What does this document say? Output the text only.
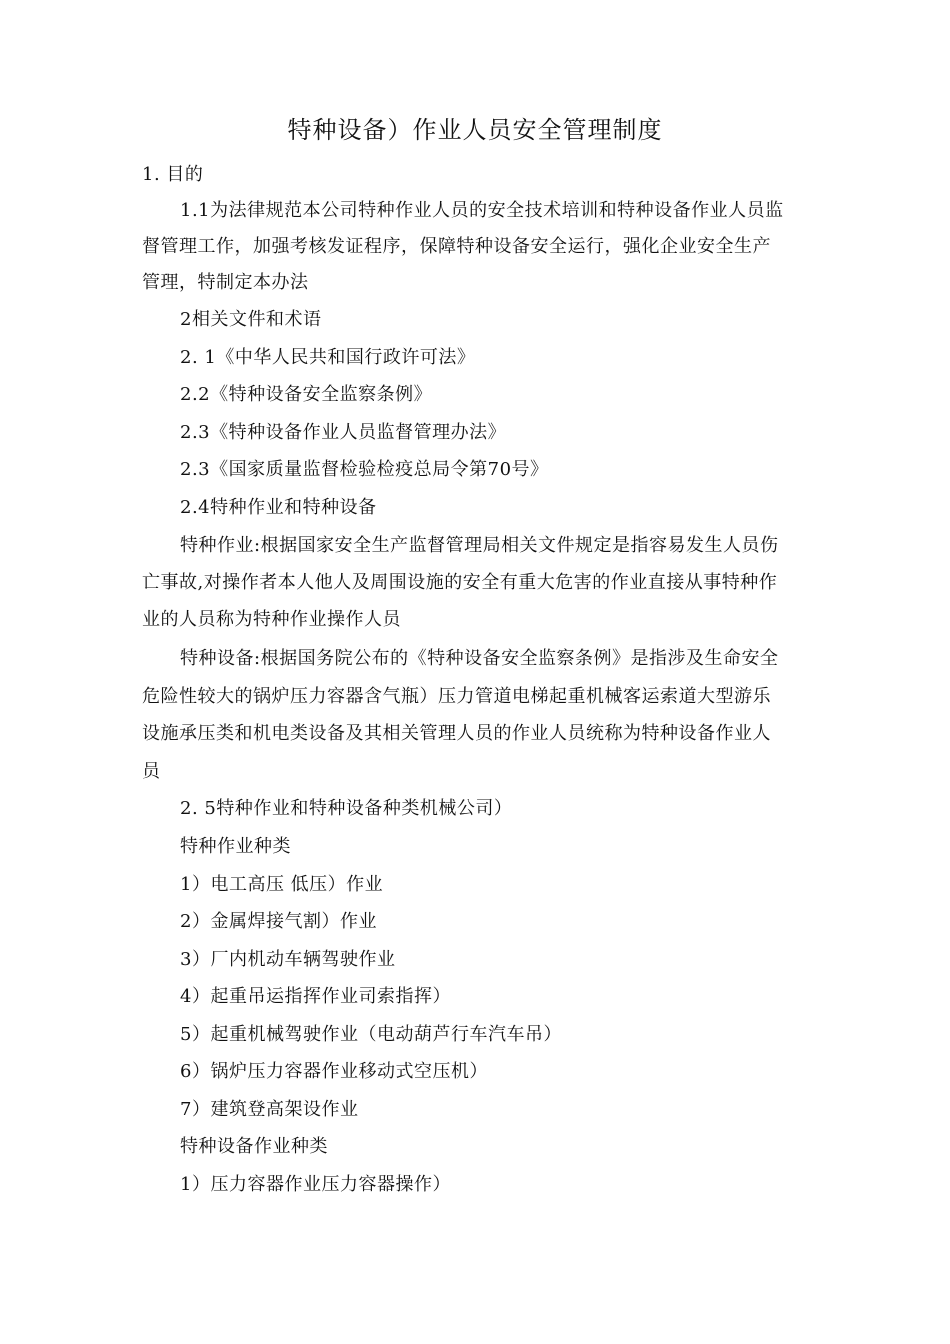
特种设备）作业人员安全管理制度
1. 目的
1.1为法律规范本公司特种作业人员的安全技术培训和特种设备作业人员监
督管理工作，加强考核发证程序，保障特种设备安全运行，强化企业安全生产
管理，特制定本办法
2相关文件和术语
2. 1《中华人民共和国行政许可法》
2.2《特种设备安全监察条例》
2.3《特种设备作业人员监督管理办法》
2.3《国家质量监督检验检疫总局令第70号》
2.4特种作业和特种设备
特种作业:根据国家安全生产监督管理局相关文件规定是指容易发生人员伤
亡事故,对操作者本人他人及周围设施的安全有重大危害的作业直接从事特种作
业的人员称为特种作业操作人员
特种设备:根据国务院公布的《特种设备安全监察条例》是指涉及生命安全
危险性较大的锅炉压力容器含气瓶）压力管道电梯起重机械客运索道大型游乐
设施承压类和机电类设备及其相关管理人员的作业人员统称为特种设备作业人
员
2. 5特种作业和特种设备种类机械公司）
特种作业种类
1）电工高压 低压）作业
2）金属焊接气割）作业
3）厂内机动车辆驾驶作业
4）起重吊运指挥作业司索指挥）
5）起重机械驾驶作业（电动葫芦行车汽车吊）
6）锅炉压力容器作业移动式空压机）
7）建筑登高架设作业
特种设备作业种类
1）压力容器作业压力容器操作）
